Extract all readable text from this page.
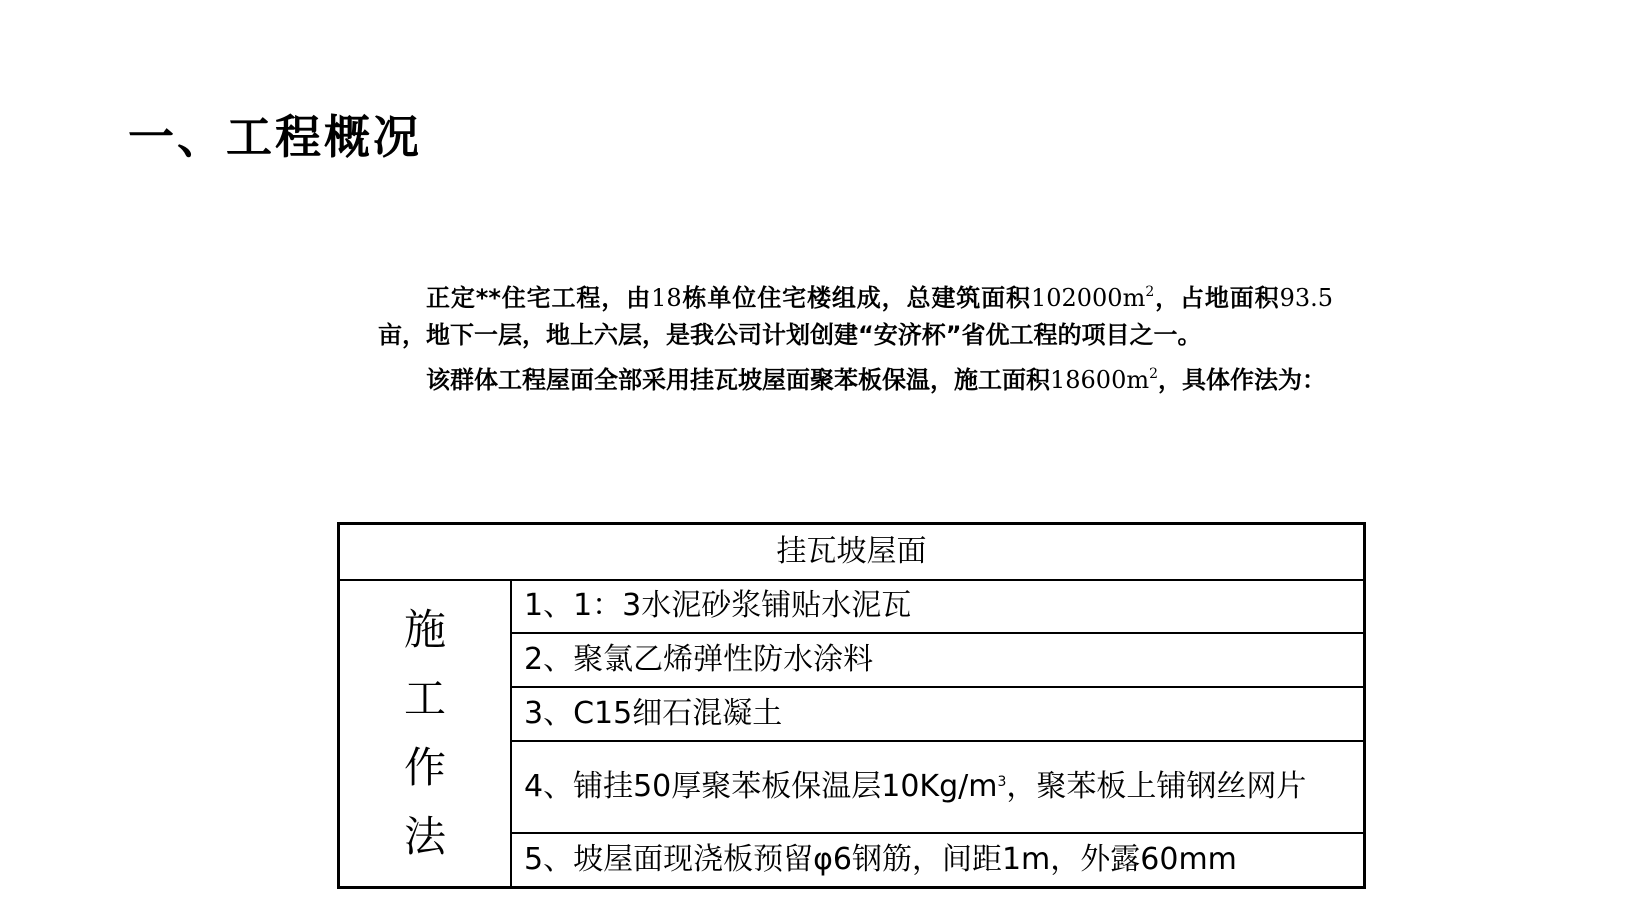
一、工程概况

正定**住宅工程，由18栋单位住宅楼组成，总建筑面积$102000m^2$，占地面积93.5亩，地下一层，地上六层，是我公司计划创建“安济杯”省优工程的项目之一。

该群体工程屋面全部采用挂瓦坡屋面聚苯板保温，施工面积$18600m^2$，具体作法为：

挂瓦坡屋面

施
工
作
法
	1、1：3水泥砂浆铺贴水泥瓦
2、聚氯乙烯弹性防水涂料
3、C15细石混凝土
4、铺挂50厚聚苯板保温层$10Kg/m^3$，聚苯板上铺钢丝网片
5、坡屋面现浇板预留φ6钢筋，间距1m，外露60mm
